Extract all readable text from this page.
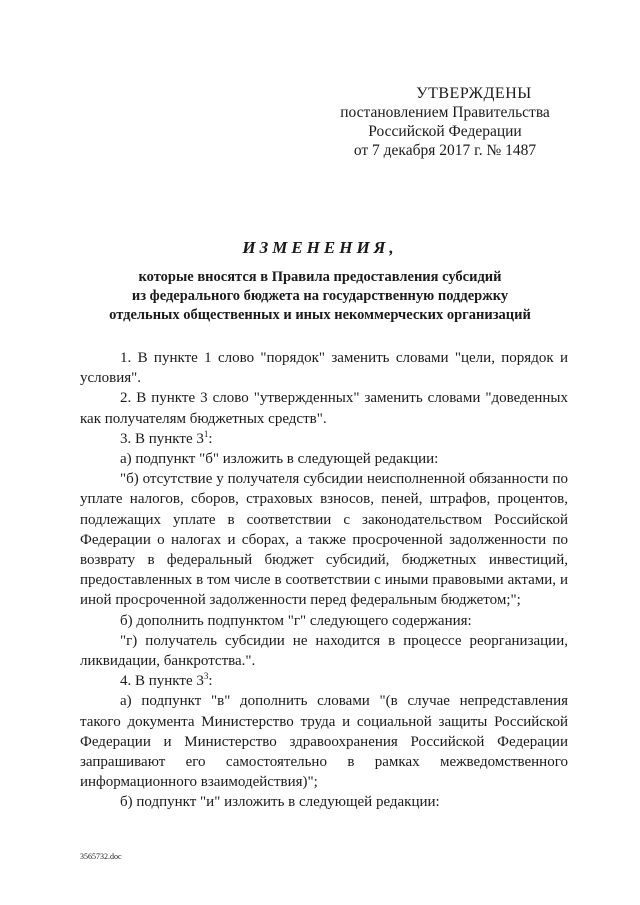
УТВЕРЖДЕНЫ
постановлением Правительства
Российской Федерации
от 7 декабря 2017 г. № 1487
ИЗМЕНЕНИЯ,
которые вносятся в Правила предоставления субсидий
из федерального бюджета на государственную поддержку
отдельных общественных и иных некоммерческих организаций

1. В пункте 1 слово "порядок" заменить словами "цели, порядок и условия".

2. В пункте 3 слово "утвержденных" заменить словами "доведенных как получателям бюджетных средств".

3. В пункте $3^1$:

а) подпункт "б" изложить в следующей редакции:

"б) отсутствие у получателя субсидии неисполненной обязанности по уплате налогов, сборов, страховых взносов, пеней, штрафов, процентов, подлежащих уплате в соответствии с законодательством Российской Федерации о налогах и сборах, а также просроченной задолженности по возврату в федеральный бюджет субсидий, бюджетных инвестиций, предоставленных в том числе в соответствии с иными правовыми актами, и иной просроченной задолженности перед федеральным бюджетом;";

б) дополнить подпунктом "г" следующего содержания:

"г) получатель субсидии не находится в процессе реорганизации, ликвидации, банкротства.".

4. В пункте $3^3$:

а) подпункт "в" дополнить словами "(в случае непредставления такого документа Министерство труда и социальной защиты Российской Федерации и Министерство здравоохранения Российской Федерации запрашивают его самостоятельно в рамках межведомственного информационного взаимодействия)";

б) подпункт "и" изложить в следующей редакции:

3565732.doc
